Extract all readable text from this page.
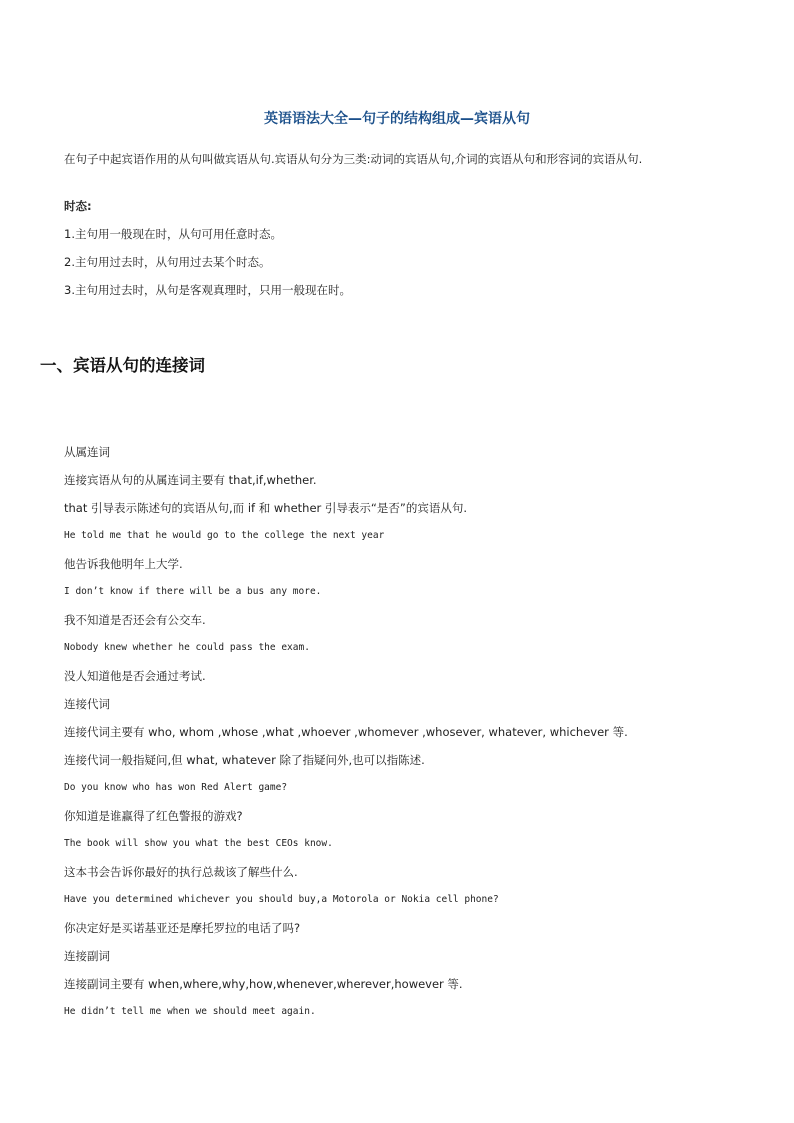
英语语法大全—句子的结构组成—宾语从句
在句子中起宾语作用的从句叫做宾语从句.宾语从句分为三类:动词的宾语从句,介词的宾语从句和形容词的宾语从句.
时态:
1.主句用一般现在时，从句可用任意时态。
2.主句用过去时，从句用过去某个时态。
3.主句用过去时，从句是客观真理时，只用一般现在时。
一、宾语从句的连接词
从属连词
连接宾语从句的从属连词主要有 that,if,whether.
that 引导表示陈述句的宾语从句,而 if 和 whether 引导表示“是否”的宾语从句.
He told me that he would go to the college the next year
他告诉我他明年上大学.
I don’t know if there will be a bus any more.
我不知道是否还会有公交车.
Nobody knew whether he could pass the exam.
没人知道他是否会通过考试.
连接代词
连接代词主要有 who, whom ,whose ,what ,whoever ,whomever ,whosever, whatever, whichever 等.
连接代词一般指疑问,但 what, whatever 除了指疑问外,也可以指陈述.
Do you know who has won Red Alert game?
你知道是谁赢得了红色警报的游戏?
The book will show you what the best CEOs know.
这本书会告诉你最好的执行总裁该了解些什么.
Have you determined whichever you should buy,a Motorola or Nokia cell phone?
你决定好是买诺基亚还是摩托罗拉的电话了吗?
连接副词
连接副词主要有 when,where,why,how,whenever,wherever,however 等.
He didn’t tell me when we should meet again.
